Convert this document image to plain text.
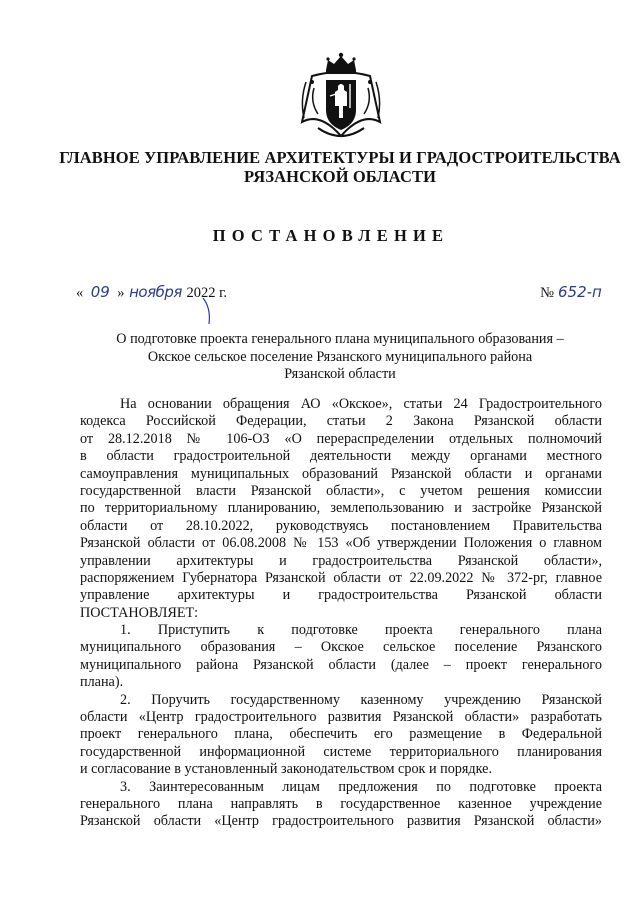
ГЛАВНОЕ УПРАВЛЕНИЕ АРХИТЕКТУРЫ И ГРАДОСТРОИТЕЛЬСТВА
РЯЗАНСКОЙ ОБЛАСТИ
ПОСТАНОВЛЕНИЕ
« 09 » ноября 2022 г.	№ 652-п
О подготовке проекта генерального плана муниципального образования –
Окское сельское поселение Рязанского муниципального района
Рязанской области
На основании обращения АО «Окское», статьи 24 Градостроительного
кодекса Российской Федерации, статьи 2 Закона Рязанской области
от 28.12.2018 № 106-ОЗ «О перераспределении отдельных полномочий
в области градостроительной деятельности между органами местного
самоуправления муниципальных образований Рязанской области и органами
государственной власти Рязанской области», с учетом решения комиссии
по территориальному планированию, землепользованию и застройке Рязанской
области от 28.10.2022, руководствуясь постановлением Правительства
Рязанской области от 06.08.2008 № 153 «Об утверждении Положения о главном
управлении архитектуры и градостроительства Рязанской области»,
распоряжением Губернатора Рязанской области от 22.09.2022 № 372-рг, главное
управление архитектуры и градостроительства Рязанской области
ПОСТАНОВЛЯЕТ:
1. Приступить к подготовке проекта генерального плана
муниципального образования – Окское сельское поселение Рязанского
муниципального района Рязанской области (далее – проект генерального
плана).
2. Поручить государственному казенному учреждению Рязанской
области «Центр градостроительного развития Рязанской области» разработать
проект генерального плана, обеспечить его размещение в Федеральной
государственной информационной системе территориального планирования
и согласование в установленный законодательством срок и порядке.
3. Заинтересованным лицам предложения по подготовке проекта
генерального плана направлять в государственное казенное учреждение
Рязанской области «Центр градостроительного развития Рязанской области»
